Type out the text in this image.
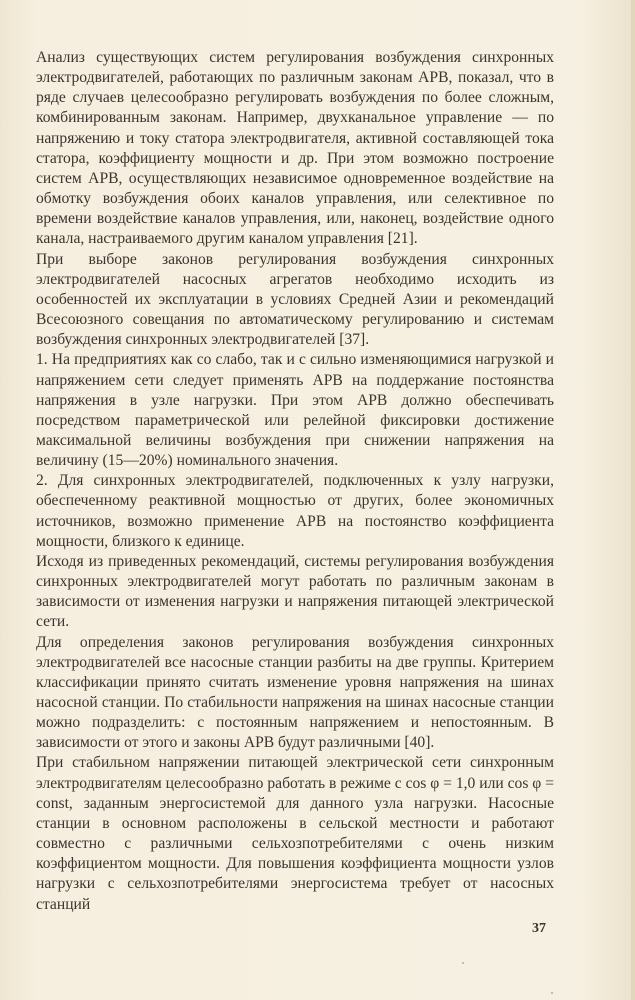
Анализ существующих систем регулирования возбуждения синхронных электродвигателей, работающих по различным законам АРВ, показал, что в ряде случаев целесообразно регулировать возбуждения по более сложным, комбинированным законам. Например, двухканальное управление — по напряжению и току статора электродвигателя, активной составляющей тока статора, коэффициенту мощности и др. При этом возможно построение систем АРВ, осуществляющих независимое одновременное воздействие на обмотку возбуждения обоих каналов управления, или селективное по времени воздействие каналов управления, или, наконец, воздействие одного канала, настраиваемого другим каналом управления [21].

При выборе законов регулирования возбуждения синхронных электродвигателей насосных агрегатов необходимо исходить из особенностей их эксплуатации в условиях Средней Азии и рекомендаций Всесоюзного совещания по автоматическому регулированию и системам возбуждения синхронных электродвигателей [37].

1. На предприятиях как со слабо, так и с сильно изменяющимися нагрузкой и напряжением сети следует применять АРВ на поддержание постоянства напряжения в узле нагрузки. При этом АРВ должно обеспечивать посредством параметрической или релейной фиксировки достижение максимальной величины возбуждения при снижении напряжения на величину (15—20%) номинального значения.

2. Для синхронных электродвигателей, подключенных к узлу нагрузки, обеспеченному реактивной мощностью от других, более экономичных источников, возможно применение АРВ на постоянство коэффициента мощности, близкого к единице.

Исходя из приведенных рекомендаций, системы регулирования возбуждения синхронных электродвигателей могут работать по различным законам в зависимости от изменения нагрузки и напряжения питающей электрической сети.

Для определения законов регулирования возбуждения синхронных электродвигателей все насосные станции разбиты на две группы. Критерием классификации принято считать изменение уровня напряжения на шинах насосной станции. По стабильности напряжения на шинах насосные станции можно подразделить: с постоянным напряжением и непостоянным. В зависимости от этого и законы АРВ будут различными [40].

При стабильном напряжении питающей электрической сети синхронным электродвигателям целесообразно работать в режиме с cos φ = 1,0 или cos φ = const, заданным энергосистемой для данного узла нагрузки. Насосные станции в основном расположены в сельской местности и работают совместно с различными сельхозпотребителями с очень низким коэффициентом мощности. Для повышения коэффициента мощности узлов нагрузки с сельхозпотребителями энергосистема требует от насосных станций

37
